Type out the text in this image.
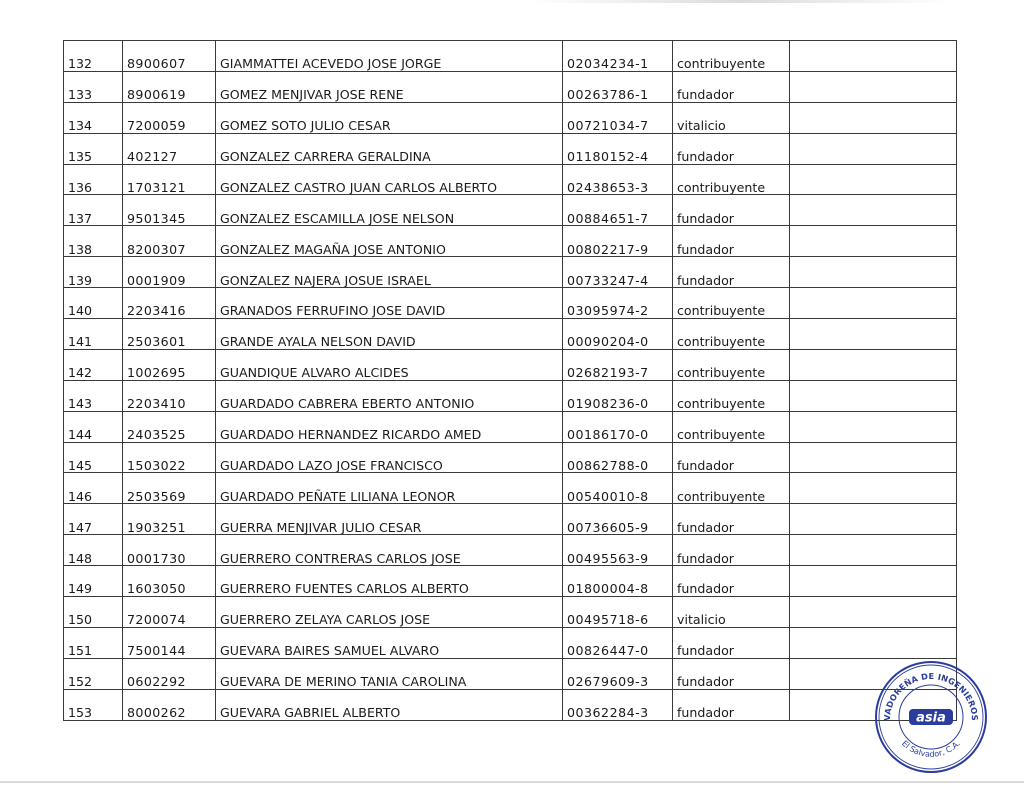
132	8900607	GIAMMATTEI ACEVEDO JOSE JORGE	02034234-1	contribuyente	
133	8900619	GOMEZ MENJIVAR JOSE RENE	00263786-1	fundador	
134	7200059	GOMEZ SOTO JULIO CESAR	00721034-7	vitalicio	
135	402127	GONZALEZ CARRERA GERALDINA	01180152-4	fundador	
136	1703121	GONZALEZ CASTRO JUAN CARLOS ALBERTO	02438653-3	contribuyente	
137	9501345	GONZALEZ ESCAMILLA JOSE NELSON	00884651-7	fundador	
138	8200307	GONZALEZ MAGAÑA JOSE ANTONIO	00802217-9	fundador	
139	0001909	GONZALEZ NAJERA JOSUE ISRAEL	00733247-4	fundador	
140	2203416	GRANADOS FERRUFINO JOSE DAVID	03095974-2	contribuyente	
141	2503601	GRANDE AYALA NELSON DAVID	00090204-0	contribuyente	
142	1002695	GUANDIQUE ALVARO ALCIDES	02682193-7	contribuyente	
143	2203410	GUARDADO CABRERA EBERTO ANTONIO	01908236-0	contribuyente	
144	2403525	GUARDADO HERNANDEZ RICARDO AMED	00186170-0	contribuyente	
145	1503022	GUARDADO LAZO JOSE FRANCISCO	00862788-0	fundador	
146	2503569	GUARDADO PEÑATE LILIANA LEONOR	00540010-8	contribuyente	
147	1903251	GUERRA MENJIVAR JULIO CESAR	00736605-9	fundador	
148	0001730	GUERRERO CONTRERAS CARLOS JOSE	00495563-9	fundador	
149	1603050	GUERRERO FUENTES CARLOS ALBERTO	01800004-8	fundador	
150	7200074	GUERRERO ZELAYA CARLOS JOSE	00495718-6	vitalicio	
151	7500144	GUEVARA BAIRES SAMUEL ALVARO	00826447-0	fundador	
152	0602292	GUEVARA DE MERINO TANIA CAROLINA	02679609-3	fundador	
153	8000262	GUEVARA GABRIEL ALBERTO	00362284-3	fundador		VADOREÑA DE INGENIEROS
El Salvador, C.A.
asia
